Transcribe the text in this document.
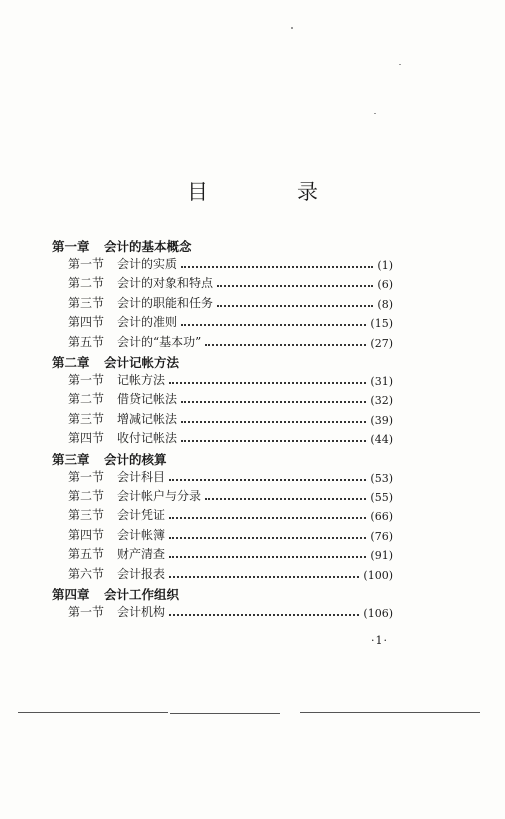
目　录
第一章 会计的基本概念
第一节	会计的实质	(1)
第二节	会计的对象和特点	(6)
第三节	会计的职能和任务	(8)
第四节	会计的准则	(15)
第五节	会计的“基本功”	(27)
第二章 会计记帐方法
第一节	记帐方法	(31)
第二节	借贷记帐法	(32)
第三节	增减记帐法	(39)
第四节	收付记帐法	(44)
第三章 会计的核算
第一节	会计科目	(53)
第二节	会计帐户与分录	(55)
第三节	会计凭证	(66)
第四节	会计帐簿	(76)
第五节	财产清查	(91)
第六节	会计报表	(100)
第四章 会计工作组织
第一节	会计机构	(106)
·1·
